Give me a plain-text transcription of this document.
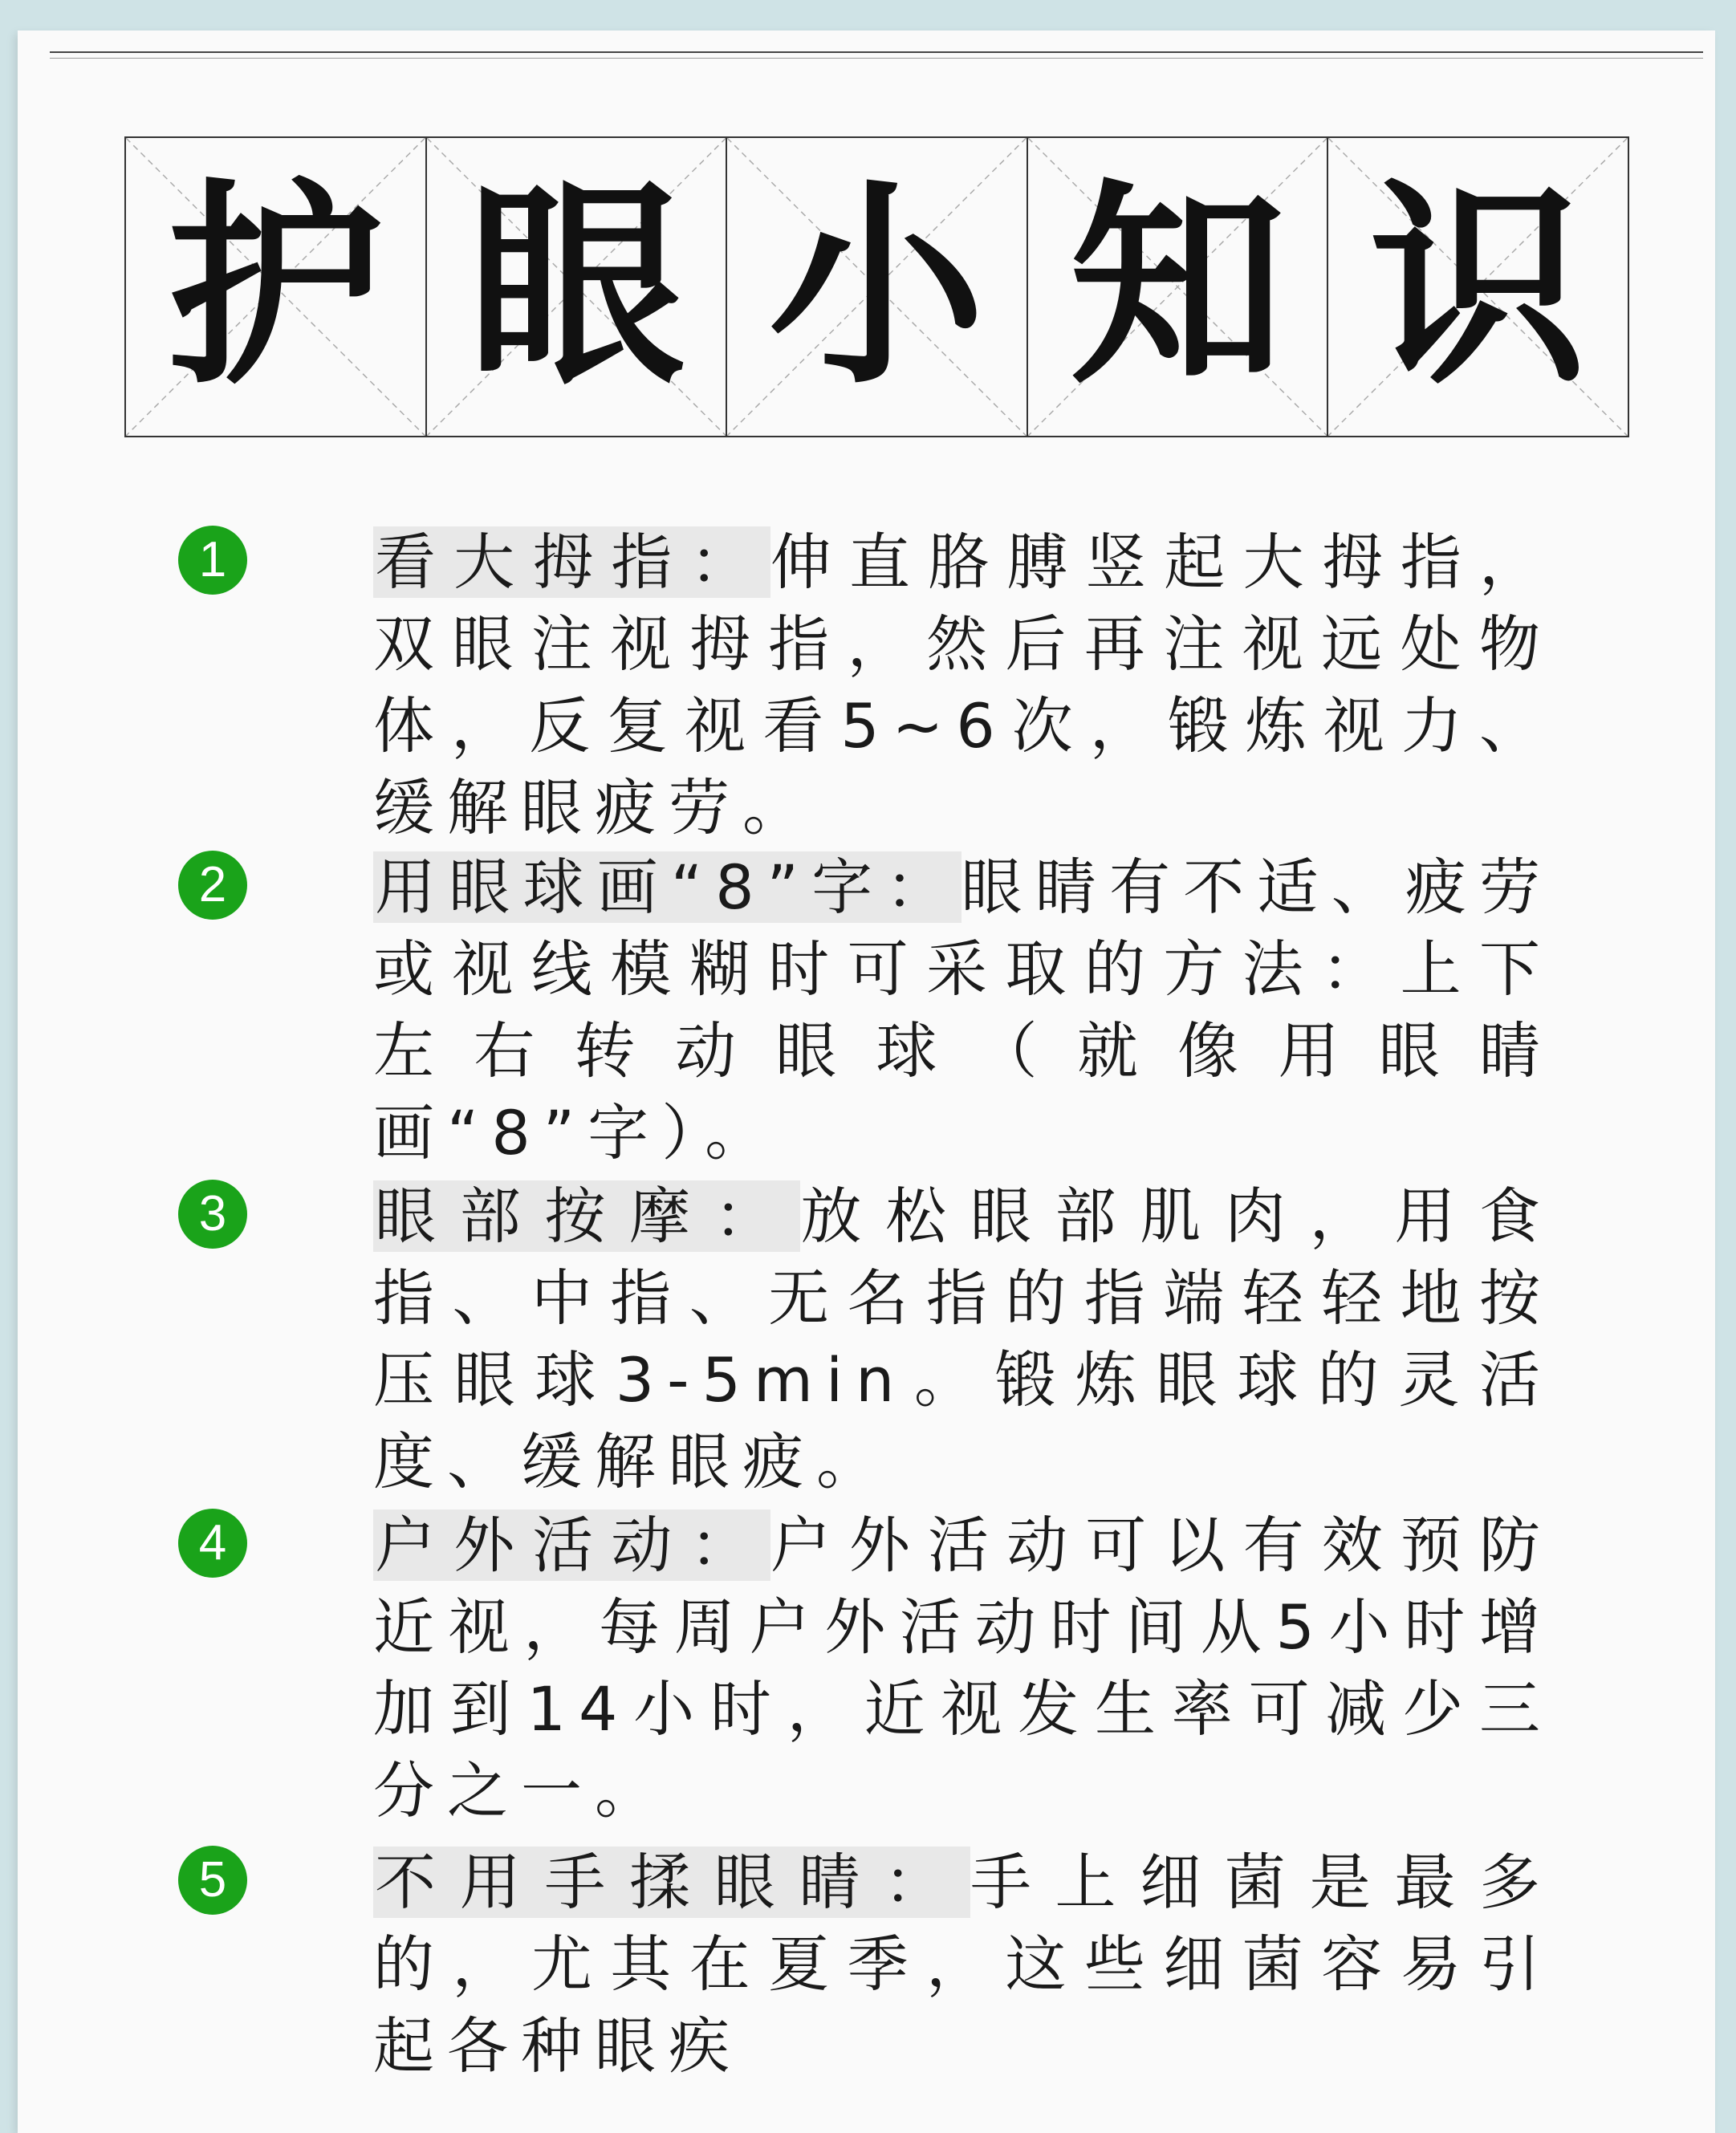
护 眼 小 知 识
1	看大拇指：伸直胳膊竖起大拇指，双眼注视拇指，然后再注视远处物体，反复视看5~6次，锻炼视力、缓解眼疲劳。
2	用眼球画“8”字：眼睛有不适、疲劳或视线模糊时可采取的方法：上下左右转动眼球（就像用眼睛画“8”字）。
3	眼部按摩：放松眼部肌肉，用食指、中指、无名指的指端轻轻地按压眼球3-5min。锻炼眼球的灵活度、缓解眼疲。
4	户外活动：户外活动可以有效预防近视，每周户外活动时间从5小时增加到14小时，近视发生率可减少三分之一。
5	不用手揉眼睛：手上细菌是最多的，尤其在夏季，这些细菌容易引起各种眼疾
